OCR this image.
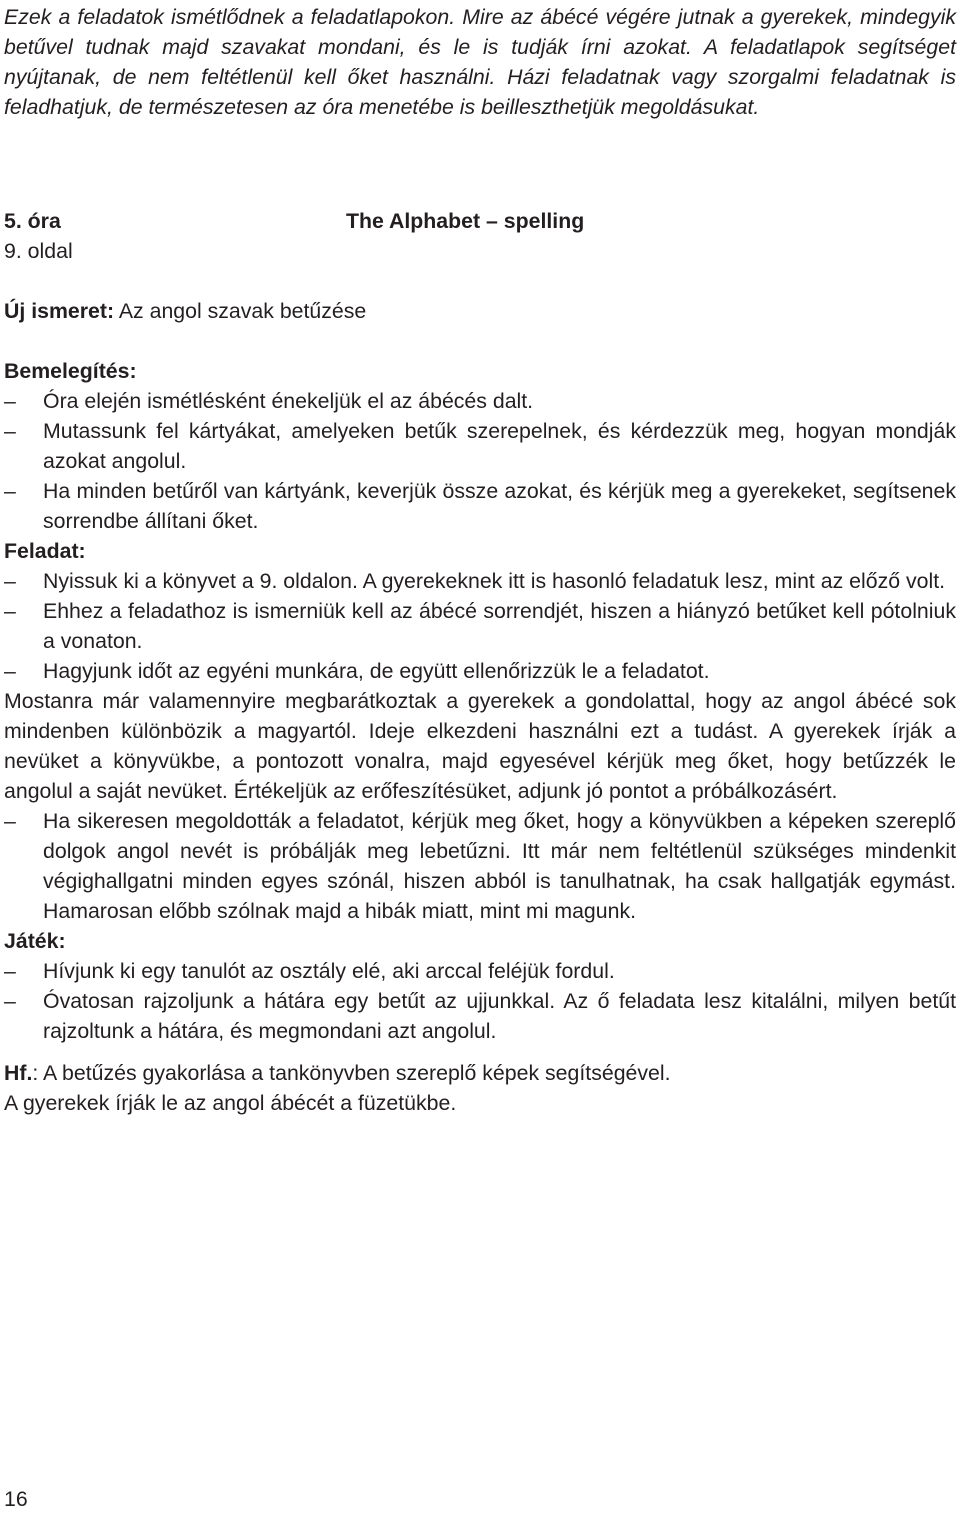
Ezek a feladatok ismétlődnek a feladatlapokon. Mire az ábécé végére jutnak a gyerekek, mindegyik betűvel tudnak majd szavakat mondani, és le is tudják írni azokat. A feladatlapok segítséget nyújtanak, de nem feltétlenül kell őket használni. Házi feladatnak vagy szorgalmi feladatnak is feladhatjuk, de természetesen az óra menetébe is beilleszthetjük megoldásukat.

5. óra	The Alphabet – spelling
9. oldal
Új ismeret: Az angol szavak betűzése

Bemelegítés:

– Óra elején ismétlésként énekeljük el az ábécés dalt.
– Mutassunk fel kártyákat, amelyeken betűk szerepelnek, és kérdezzük meg, hogyan mondják azokat angolul.
– Ha minden betűről van kártyánk, keverjük össze azokat, és kérjük meg a gyerekeket, segítsenek sorrendbe állítani őket.

Feladat:

– Nyissuk ki a könyvet a 9. oldalon. A gyerekeknek itt is hasonló feladatuk lesz, mint az előző volt.
– Ehhez a feladathoz is ismerniük kell az ábécé sorrendjét, hiszen a hiányzó betűket kell pótolniuk a vonaton.
– Hagyjunk időt az egyéni munkára, de együtt ellenőrizzük le a feladatot.

Mostanra már valamennyire megbarátkoztak a gyerekek a gondolattal, hogy az angol ábécé sok mindenben különbözik a magyartól. Ideje elkezdeni használni ezt a tudást. A gyerekek írják a nevüket a könyvükbe, a pontozott vonalra, majd egyesével kérjük meg őket, hogy betűzzék le angolul a saját nevüket. Értékeljük az erőfeszítésüket, adjunk jó pontot a próbálkozásért.

– Ha sikeresen megoldották a feladatot, kérjük meg őket, hogy a könyvükben a képeken szereplő dolgok angol nevét is próbálják meg lebetűzni. Itt már nem feltétlenül szükséges mindenkit végighallgatni minden egyes szónál, hiszen abból is tanulhatnak, ha csak hallgatják egymást. Hamarosan előbb szólnak majd a hibák miatt, mint mi magunk.

Játék:

– Hívjunk ki egy tanulót az osztály elé, aki arccal feléjük fordul.
– Óvatosan rajzoljunk a hátára egy betűt az ujjunkkal. Az ő feladata lesz kitalálni, milyen betűt rajzoltunk a hátára, és megmondani azt angolul.

Hf.: A betűzés gyakorlása a tankönyvben szereplő képek segítségével.

A gyerekek írják le az angol ábécét a füzetükbe.

16
